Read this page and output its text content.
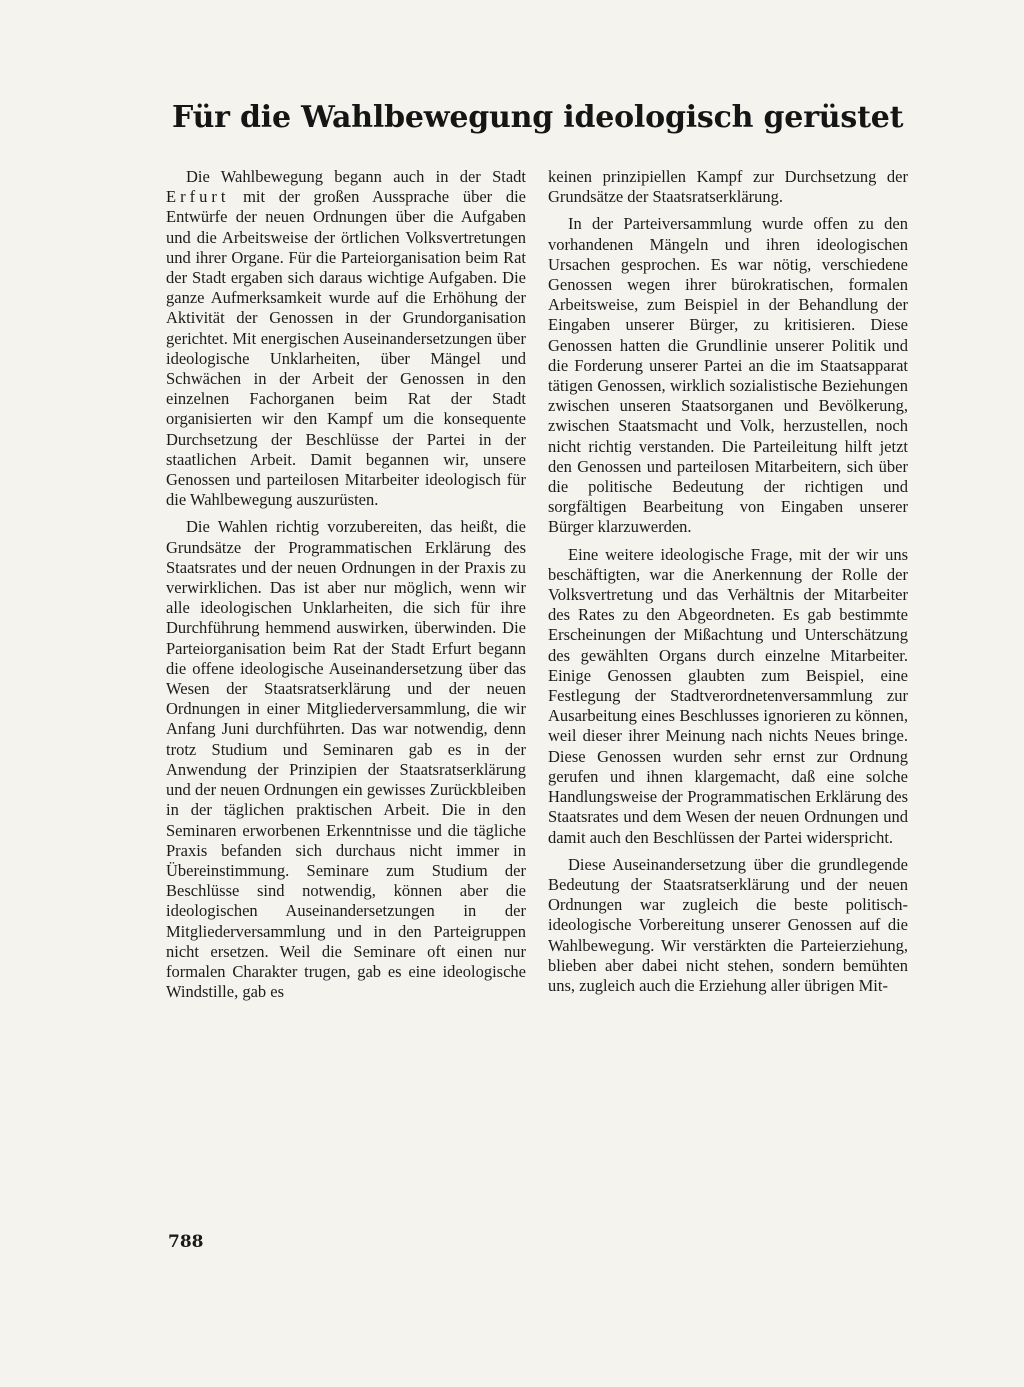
Für die Wahlbewegung ideologisch gerüstet

Die Wahlbewegung begann auch in der Stadt Erfurt mit der großen Aussprache über die Entwürfe der neuen Ordnungen über die Aufgaben und die Arbeitsweise der örtlichen Volksvertretungen und ihrer Organe. Für die Parteiorganisation beim Rat der Stadt ergaben sich daraus wichtige Aufgaben. Die ganze Aufmerksamkeit wurde auf die Erhöhung der Aktivität der Genossen in der Grundorganisation gerichtet. Mit energischen Auseinandersetzungen über ideologische Unklarheiten, über Mängel und Schwächen in der Arbeit der Genossen in den einzelnen Fachorganen beim Rat der Stadt organisierten wir den Kampf um die konsequente Durchsetzung der Beschlüsse der Partei in der staatlichen Arbeit. Damit begannen wir, unsere Genossen und parteilosen Mitarbeiter ideologisch für die Wahlbewegung auszurüsten.

Die Wahlen richtig vorzubereiten, das heißt, die Grundsätze der Programmatischen Erklärung des Staatsrates und der neuen Ordnungen in der Praxis zu verwirklichen. Das ist aber nur möglich, wenn wir alle ideologischen Unklarheiten, die sich für ihre Durchführung hemmend auswirken, überwinden. Die Parteiorganisation beim Rat der Stadt Erfurt begann die offene ideologische Auseinandersetzung über das Wesen der Staatsratserklärung und der neuen Ordnungen in einer Mitgliederversammlung, die wir Anfang Juni durchführten. Das war notwendig, denn trotz Studium und Seminaren gab es in der Anwendung der Prinzipien der Staatsratserklärung und der neuen Ordnungen ein gewisses Zurückbleiben in der täglichen praktischen Arbeit. Die in den Seminaren erworbenen Erkenntnisse und die tägliche Praxis befanden sich durchaus nicht immer in Übereinstimmung. Seminare zum Studium der Beschlüsse sind notwendig, können aber die ideologischen Auseinandersetzungen in der Mitgliederversammlung und in den Parteigruppen nicht ersetzen. Weil die Seminare oft einen nur formalen Charakter trugen, gab es eine ideologische Windstille, gab es

keinen prinzipiellen Kampf zur Durchsetzung der Grundsätze der Staatsratserklärung.

In der Parteiversammlung wurde offen zu den vorhandenen Mängeln und ihren ideologischen Ursachen gesprochen. Es war nötig, verschiedene Genossen wegen ihrer bürokratischen, formalen Arbeitsweise, zum Beispiel in der Behandlung der Eingaben unserer Bürger, zu kritisieren. Diese Genossen hatten die Grundlinie unserer Politik und die Forderung unserer Partei an die im Staatsapparat tätigen Genossen, wirklich sozialistische Beziehungen zwischen unseren Staatsorganen und Bevölkerung, zwischen Staatsmacht und Volk, herzustellen, noch nicht richtig verstanden. Die Parteileitung hilft jetzt den Genossen und parteilosen Mitarbeitern, sich über die politische Bedeutung der richtigen und sorgfältigen Bearbeitung von Eingaben unserer Bürger klarzuwerden.

Eine weitere ideologische Frage, mit der wir uns beschäftigten, war die Anerkennung der Rolle der Volksvertretung und das Verhältnis der Mitarbeiter des Rates zu den Abgeordneten. Es gab bestimmte Erscheinungen der Mißachtung und Unterschätzung des gewählten Organs durch einzelne Mitarbeiter. Einige Genossen glaubten zum Beispiel, eine Festlegung der Stadtverordnetenversammlung zur Ausarbeitung eines Beschlusses ignorieren zu können, weil dieser ihrer Meinung nach nichts Neues bringe. Diese Genossen wurden sehr ernst zur Ordnung gerufen und ihnen klargemacht, daß eine solche Handlungsweise der Programmatischen Erklärung des Staatsrates und dem Wesen der neuen Ordnungen und damit auch den Beschlüssen der Partei widerspricht.

Diese Auseinandersetzung über die grundlegende Bedeutung der Staatsratserklärung und der neuen Ordnungen war zugleich die beste politisch-ideologische Vorbereitung unserer Genossen auf die Wahlbewegung. Wir verstärkten die Parteierziehung, blieben aber dabei nicht stehen, sondern bemühten uns, zugleich auch die Erziehung aller übrigen Mit-

788
